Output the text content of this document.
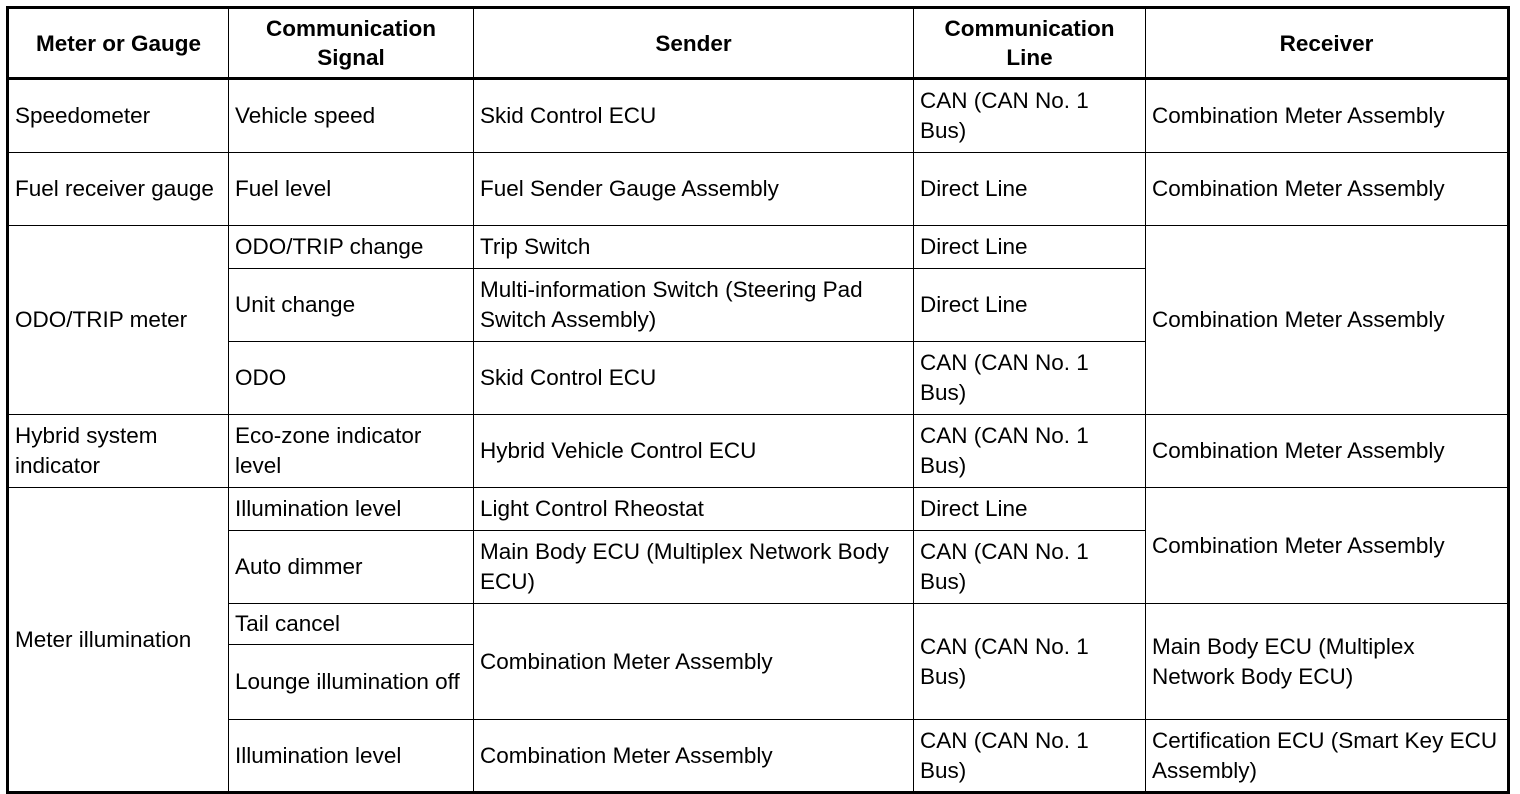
Meter or Gauge	Communication Signal	Sender	Communication Line	Receiver
Speedometer	Vehicle speed	Skid Control ECU	CAN (CAN No. 1 Bus)	Combination Meter Assembly
Fuel receiver gauge	Fuel level	Fuel Sender Gauge Assembly	Direct Line	Combination Meter Assembly
ODO/TRIP meter	ODO/TRIP change	Trip Switch	Direct Line	Combination Meter Assembly
	Unit change	Multi-information Switch (Steering Pad Switch Assembly)	Direct Line	
	ODO	Skid Control ECU	CAN (CAN No. 1 Bus)	
Hybrid system indicator	Eco-zone indicator level	Hybrid Vehicle Control ECU	CAN (CAN No. 1 Bus)	Combination Meter Assembly
Meter illumination	Illumination level	Light Control Rheostat	Direct Line	Combination Meter Assembly
	Auto dimmer	Main Body ECU (Multiplex Network Body ECU)	CAN (CAN No. 1 Bus)	
	Tail cancel	Combination Meter Assembly	CAN (CAN No. 1 Bus)	Main Body ECU (Multiplex Network Body ECU)
	Lounge illumination off			
	Illumination level	Combination Meter Assembly	CAN (CAN No. 1 Bus)	Certification ECU (Smart Key ECU Assembly)
